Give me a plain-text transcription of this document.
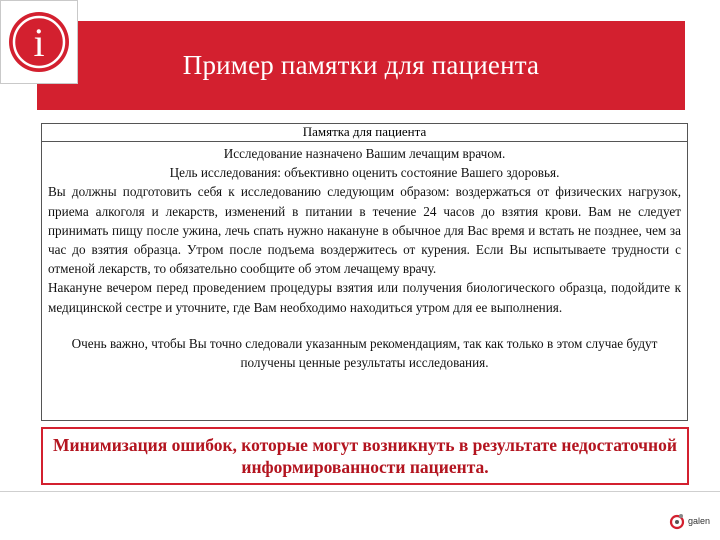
Пример памятки для пациента
i
Памятка для пациента

Исследование назначено Вашим лечащим врачом.

Цель исследования: объективно оценить состояние Вашего здоровья.

Вы должны подготовить себя к исследованию следующим образом: воздержаться от физических нагрузок, приема алкоголя и лекарств, изменений в питании в течение 24 часов до взятия крови. Вам не следует принимать пищу после ужина, лечь спать нужно накануне в обычное для Вас время и встать не позднее, чем за час до взятия образца. Утром после подъема воздержитесь от курения. Если Вы испытываете трудности с отменой лекарств, то обязательно сообщите об этом лечащему врачу.

Накануне вечером перед проведением процедуры взятия или получения биологического образца, подойдите к медицинской сестре и уточните, где Вам необходимо находиться утром для ее выполнения.

Очень важно, чтобы Вы точно следовали указанным рекомендациям, так как только в этом случае будут получены ценные результаты исследования.

Минимизация ошибок, которые могут возникнуть в результате недостаточной информированности пациента.
galen
